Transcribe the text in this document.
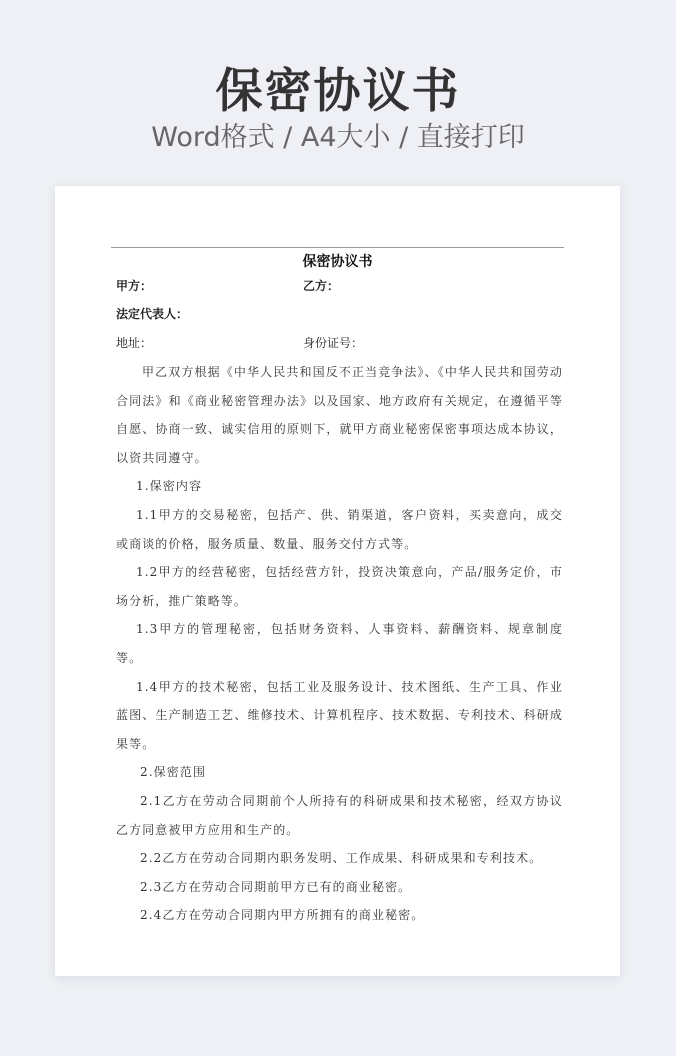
保密协议书
Word格式 / A4大小 / 直接打印
保密协议书
甲方：	乙方：
法定代表人：
地址：	身份证号：

甲乙双方根据《中华人民共和国反不正当竞争法》、《中华人民共和国劳动合同法》和《商业秘密管理办法》以及国家、地方政府有关规定，在遵循平等自愿、协商一致、诚实信用的原则下，就甲方商业秘密保密事项达成本协议，以资共同遵守。

1.保密内容

1.1甲方的交易秘密，包括产、供、销渠道，客户资料，买卖意向，成交或商谈的价格，服务质量、数量、服务交付方式等。

1.2甲方的经营秘密，包括经营方针，投资决策意向，产品/服务定价，市场分析，推广策略等。

1.3甲方的管理秘密，包括财务资料、人事资料、薪酬资料、规章制度等。

1.4甲方的技术秘密，包括工业及服务设计、技术图纸、生产工具、作业蓝图、生产制造工艺、维修技术、计算机程序、技术数据、专利技术、科研成果等。

2.保密范围

2.1乙方在劳动合同期前个人所持有的科研成果和技术秘密，经双方协议乙方同意被甲方应用和生产的。

2.2乙方在劳动合同期内职务发明、工作成果、科研成果和专利技术。

2.3乙方在劳动合同期前甲方已有的商业秘密。

2.4乙方在劳动合同期内甲方所拥有的商业秘密。
